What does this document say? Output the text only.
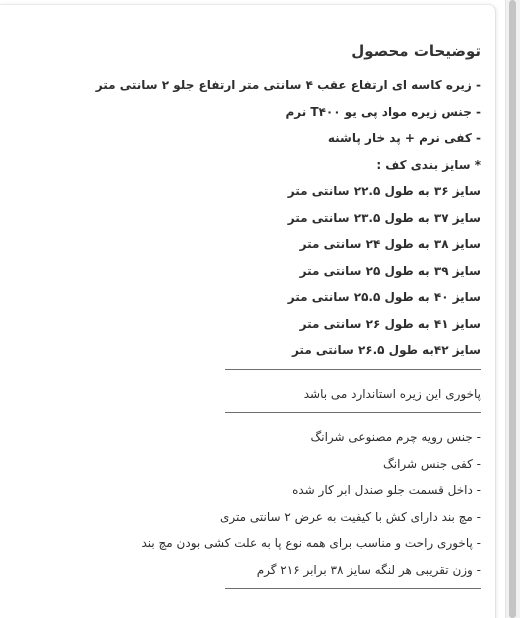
توضیحات محصول
- زیره کاسه ای ارتفاع عقب ۴ سانتی متر ارتفاع جلو ۲ سانتی متر
- جنس زیره مواد پی یو T۴۰۰ نرم
- کفی نرم + پد خار پاشنه
* سایز بندی کف :
سایز ۳۶ به طول ۲۲.۵ سانتی متر
سایز ۳۷ به طول ۲۳.۵ سانتی متر
سایز ۳۸ به طول ۲۴ سانتی متر
سایز ۳۹ به طول ۲۵ سانتی متر
سایز ۴۰ به طول ۲۵.۵ سانتی متر
سایز ۴۱ به طول ۲۶ سانتی متر
سایز ۴۲به طول ۲۶.۵ سانتی متر
پاخوری این زیره استاندارد می باشد
- جنس رویه چرم مصنوعی شرانگ
- کفی جنس شرانگ
- داخل قسمت جلو صندل ابر کار شده
- مچ بند دارای کش با کیفیت به عرض ۲ سانتی متری
- پاخوری راحت و مناسب برای همه نوع پا به علت کشی بودن مچ بند
- وزن تقریبی هر لنگه سایز ۳۸ برابر ۲۱۶ گرم
